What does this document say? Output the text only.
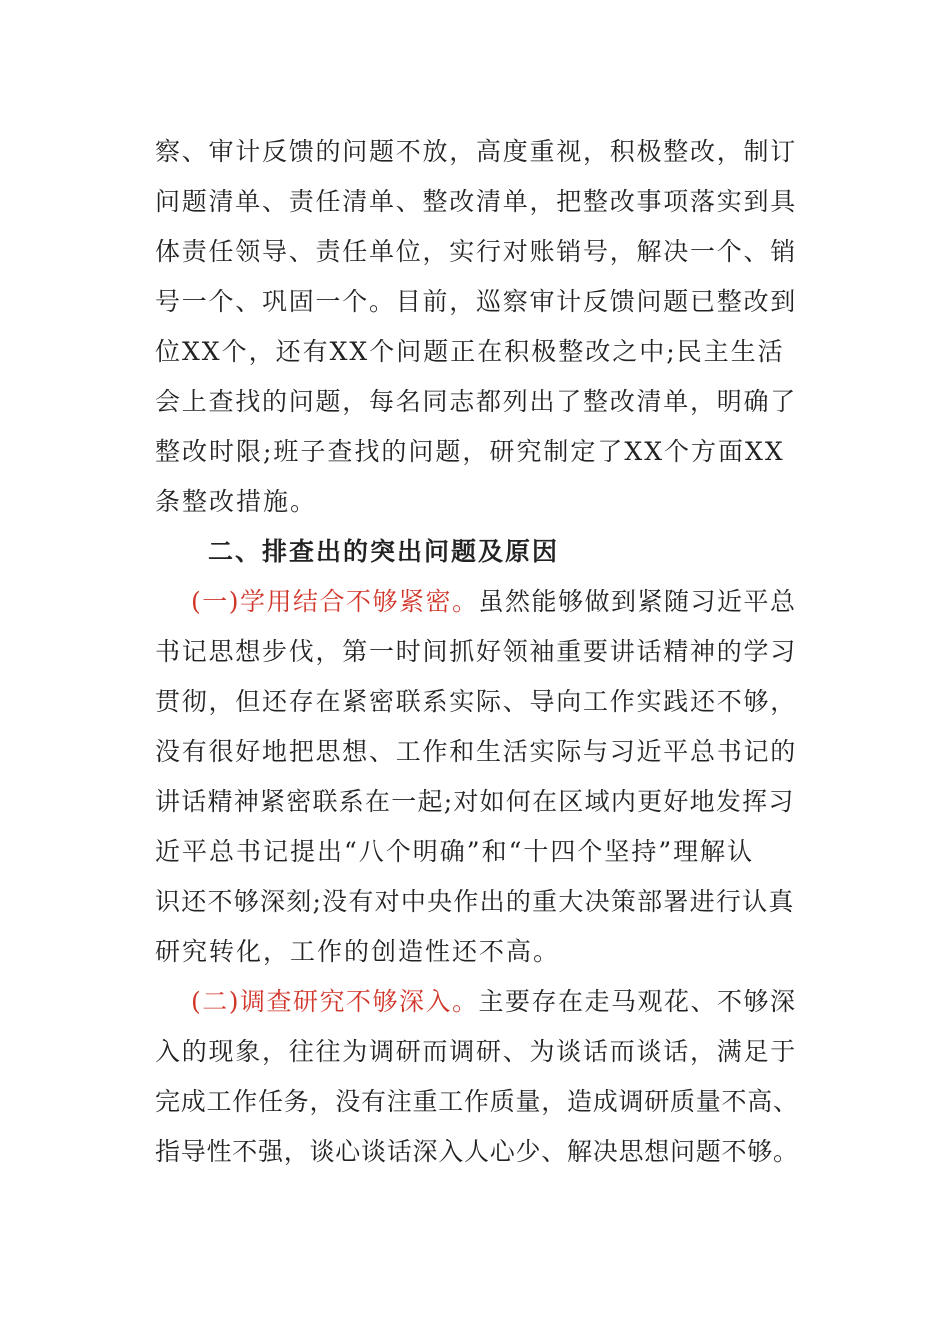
察、审计反馈的问题不放，高度重视，积极整改，制订
问题清单、责任清单、整改清单，把整改事项落实到具
体责任领导、责任单位，实行对账销号，解决一个、销
号一个、巩固一个。目前，巡察审计反馈问题已整改到
位XX个，还有XX个问题正在积极整改之中;民主生活
会上查找的问题，每名同志都列出了整改清单，明确了
整改时限;班子查找的问题，研究制定了XX个方面XX
条整改措施。
二、排查出的突出问题及原因
(一)学用结合不够紧密。虽然能够做到紧随习近平总
书记思想步伐，第一时间抓好领袖重要讲话精神的学习
贯彻，但还存在紧密联系实际、导向工作实践还不够，
没有很好地把思想、工作和生活实际与习近平总书记的
讲话精神紧密联系在一起;对如何在区域内更好地发挥习
近平总书记提出“八个明确”和“十四个坚持”理解认
识还不够深刻;没有对中央作出的重大决策部署进行认真
研究转化，工作的创造性还不高。
(二)调查研究不够深入。主要存在走马观花、不够深
入的现象，往往为调研而调研、为谈话而谈话，满足于
完成工作任务，没有注重工作质量，造成调研质量不高、
指导性不强，谈心谈话深入人心少、解决思想问题不够。
